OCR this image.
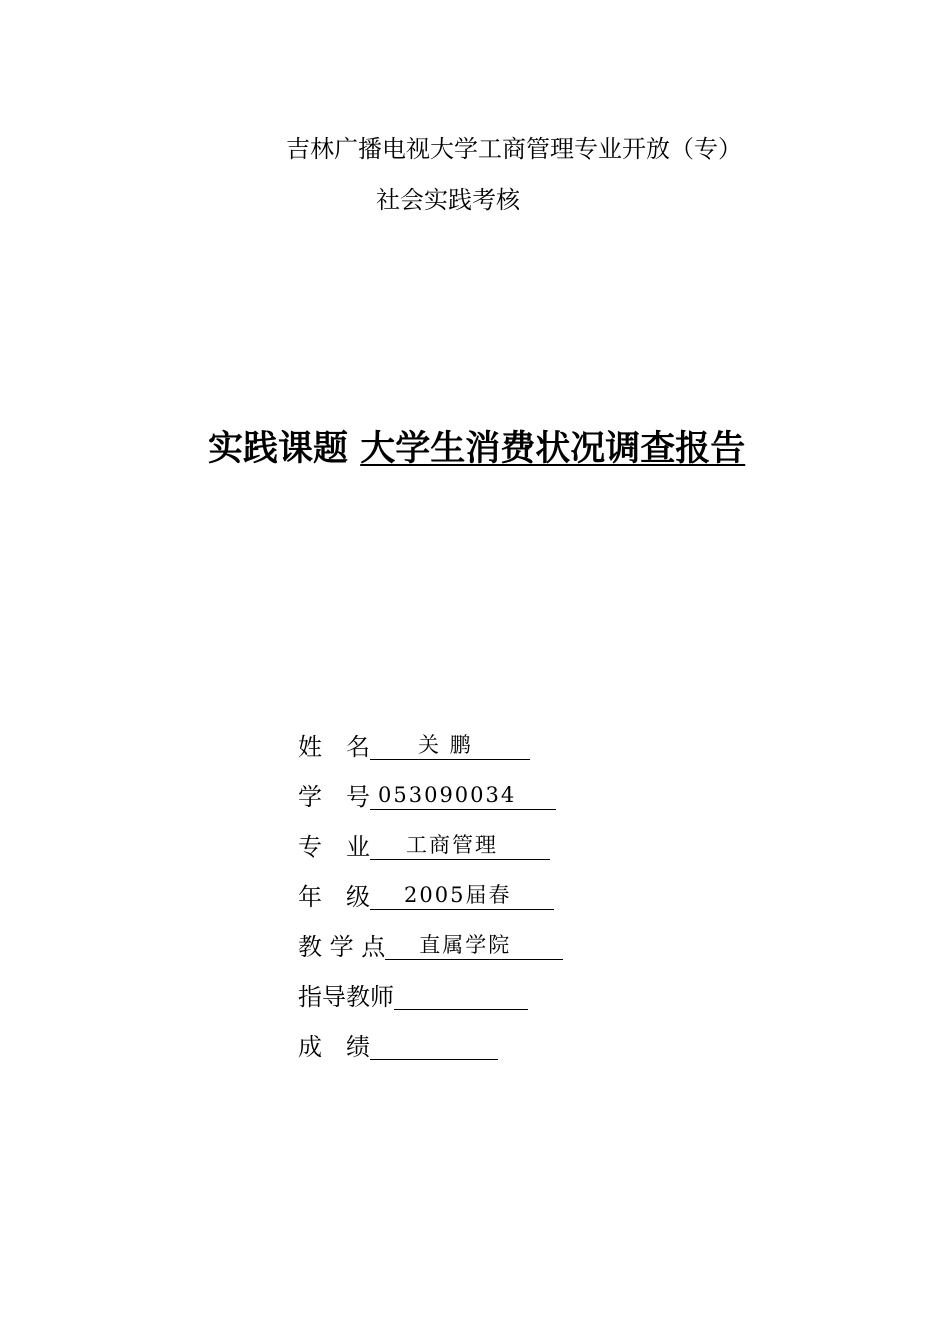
吉林广播电视大学工商管理专业开放（专）
社会实践考核
实践课题 大学生消费状况调查报告
姓　名 关 鹏
学　号 053090034
专　业 工商管理
年　级 2005届春
教 学 点 直属学院
指导教师
成　绩
